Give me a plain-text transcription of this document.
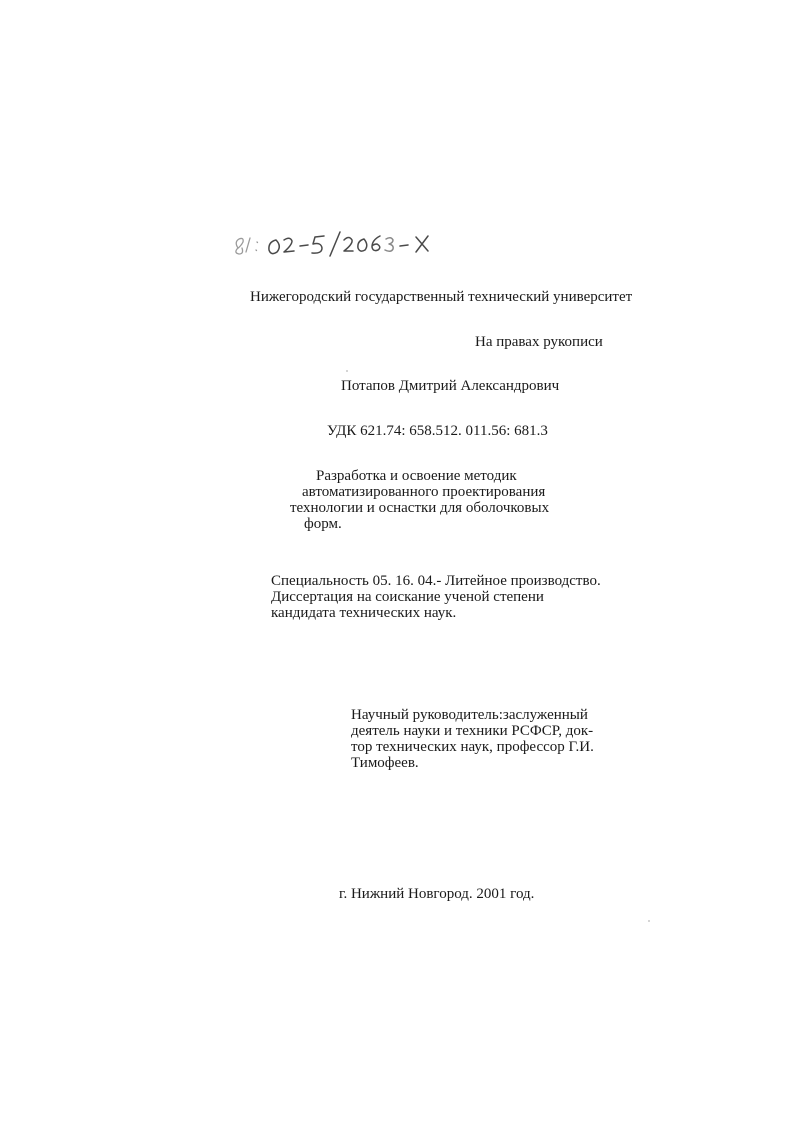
Нижегородский государственный технический университет
На правах рукописи
Потапов Дмитрий Александрович
УДК 621.74: 658.512. 011.56: 681.3
Разработка и освоение методик
автоматизированного проектирования
технологии и оснастки для оболочковых
форм.
Специальность 05. 16. 04.- Литейное производство.
Диссертация на соискание ученой степени
кандидата технических наук.
Научный руководитель:заслуженный
деятель науки и техники РСФСР, док-
тор технических наук, профессор Г.И.
Тимофеев.
г. Нижний Новгород. 2001 год.
